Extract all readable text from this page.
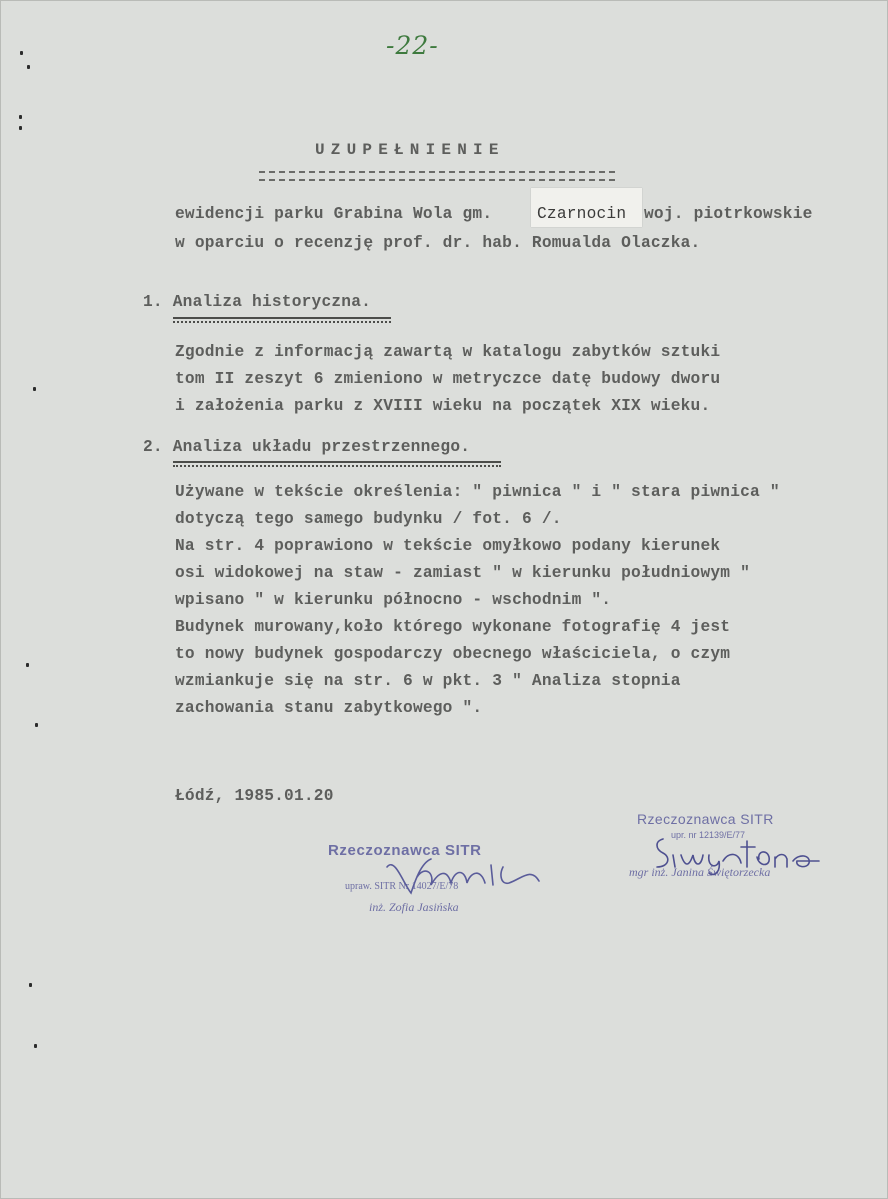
-22-
UZUPEŁNIENIE
ewidencji parku Grabina Wola gm.	Czarnocin woj. piotrkowskie
w oparciu o recenzję prof. dr. hab. Romualda Olaczka.
1. Analiza historyczna.
Zgodnie z informacją zawartą w katalogu zabytków sztuki
tom II zeszyt 6 zmieniono w metryczce datę budowy dworu
i założenia parku z XVIII wieku na początek XIX wieku.
2. Analiza układu przestrzennego.
Używane w tekście określenia: " piwnica " i " stara piwnica "
dotyczą tego samego budynku / fot. 6 /.
Na str. 4 poprawiono w tekście omyłkowo podany kierunek
osi widokowej na staw - zamiast " w kierunku południowym "
wpisano " w kierunku północno - wschodnim ".
Budynek murowany,koło którego wykonane fotografię 4 jest
to nowy budynek gospodarczy obecnego właściciela, o czym
wzmiankuje się na str. 6 w pkt. 3 " Analiza stopnia
zachowania stanu zabytkowego ".
Łódź, 1985.01.20
Rzeczoznawca SITR
upraw. SITR Nr 14027/E/78
inż. Zofia Jasińska
Rzeczoznawca SITR
upr. nr 12139/E/77
mgr inż. Janina Świętorzecka
